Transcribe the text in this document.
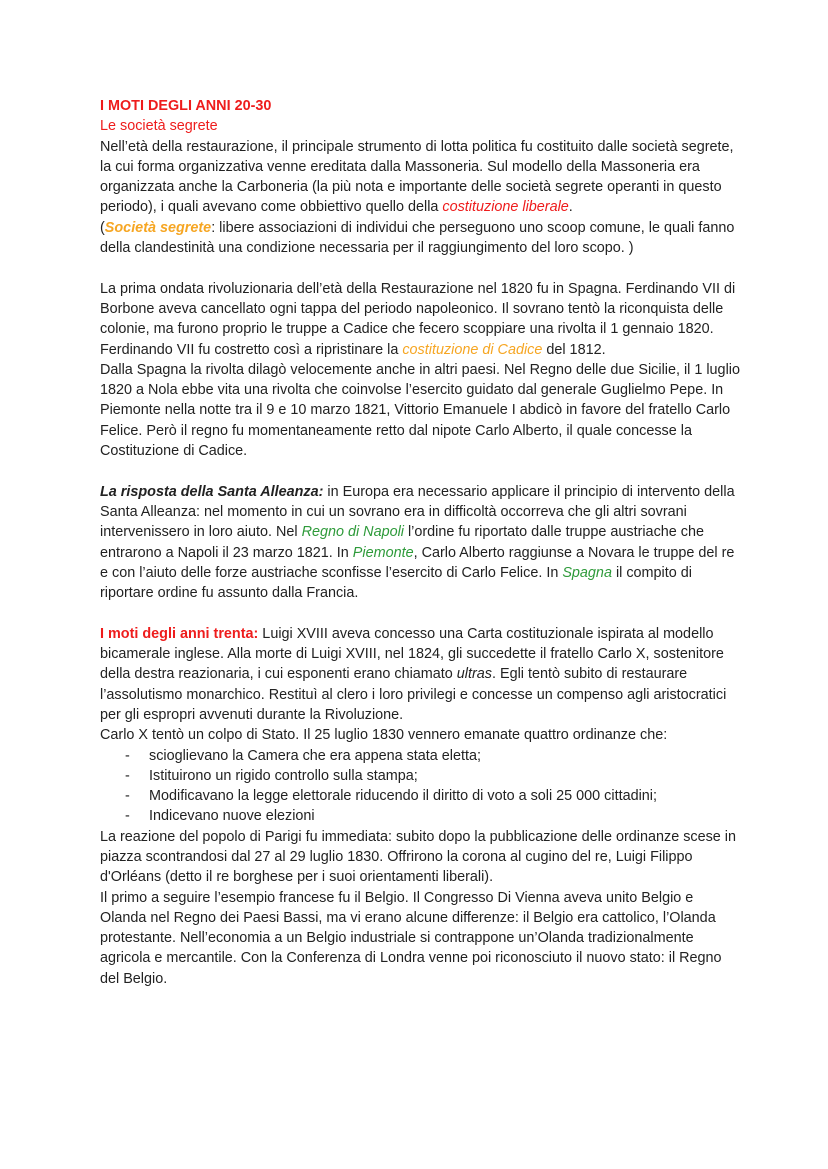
I MOTI DEGLI ANNI 20-30

Le società segrete

Nell’età della restaurazione, il principale strumento di lotta politica fu costituito dalle società segrete, la cui forma organizzativa venne ereditata dalla Massoneria. Sul modello della Massoneria era organizzata anche la Carboneria (la più nota e importante delle società segrete operanti in questo periodo), i quali avevano come obbiettivo quello della costituzione liberale.

(Società segrete: libere associazioni di individui che perseguono uno scoop comune, le quali fanno della clandestinità una condizione necessaria per il raggiungimento del loro scopo. )

La prima ondata rivoluzionaria dell’età della Restaurazione nel 1820 fu in Spagna. Ferdinando VII di Borbone aveva cancellato ogni tappa del periodo napoleonico. Il sovrano tentò la riconquista delle colonie, ma furono proprio le truppe a Cadice che fecero scoppiare una rivolta il 1 gennaio 1820. Ferdinando VII fu costretto così a ripristinare la costituzione di Cadice del 1812.

Dalla Spagna la rivolta dilagò velocemente anche in altri paesi. Nel Regno delle due Sicilie, il 1 luglio 1820 a Nola ebbe vita una rivolta che coinvolse l’esercito guidato dal generale Guglielmo Pepe. In Piemonte nella notte tra il 9 e 10 marzo 1821, Vittorio Emanuele I abdicò in favore del fratello Carlo Felice. Però il regno fu momentaneamente retto dal nipote Carlo Alberto, il quale concesse la Costituzione di Cadice.

La risposta della Santa Alleanza: in Europa era necessario applicare il principio di intervento della Santa Alleanza: nel momento in cui un sovrano era in difficoltà occorreva che gli altri sovrani intervenissero in loro aiuto. Nel Regno di Napoli l’ordine fu riportato dalle truppe austriache che entrarono a Napoli il 23 marzo 1821. In Piemonte, Carlo Alberto raggiunse a Novara le truppe del re e con l’aiuto delle forze austriache sconfisse l’esercito di Carlo Felice. In Spagna il compito di riportare ordine fu assunto dalla Francia.

I moti degli anni trenta: Luigi XVIII aveva concesso una Carta costituzionale ispirata al modello bicamerale inglese. Alla morte di Luigi XVIII, nel 1824, gli succedette il fratello Carlo X, sostenitore della destra reazionaria, i cui esponenti erano chiamato ultras. Egli tentò subito di restaurare l’assolutismo monarchico. Restituì al clero i loro privilegi e concesse un compenso agli aristocratici per gli espropri avvenuti durante la Rivoluzione.

Carlo X tentò un colpo di Stato. Il 25 luglio 1830 vennero emanate quattro ordinanze che:

- scioglievano la Camera che era appena stata eletta;
- Istituirono un rigido controllo sulla stampa;
- Modificavano la legge elettorale riducendo il diritto di voto a soli 25 000 cittadini;
- Indicevano nuove elezioni

La reazione del popolo di Parigi fu immediata: subito dopo la pubblicazione delle ordinanze scese in piazza scontrandosi dal 27 al 29 luglio 1830. Offrirono la corona al cugino del re, Luigi Filippo d'Orléans (detto il re borghese per i suoi orientamenti liberali).

Il primo a seguire l’esempio francese fu il Belgio. Il Congresso Di Vienna aveva unito Belgio e Olanda nel Regno dei Paesi Bassi, ma vi erano alcune differenze: il Belgio era cattolico, l’Olanda protestante. Nell’economia a un Belgio industriale si contrappone un’Olanda tradizionalmente agricola e mercantile. Con la Conferenza di Londra venne poi riconosciuto il nuovo stato: il Regno del Belgio.
